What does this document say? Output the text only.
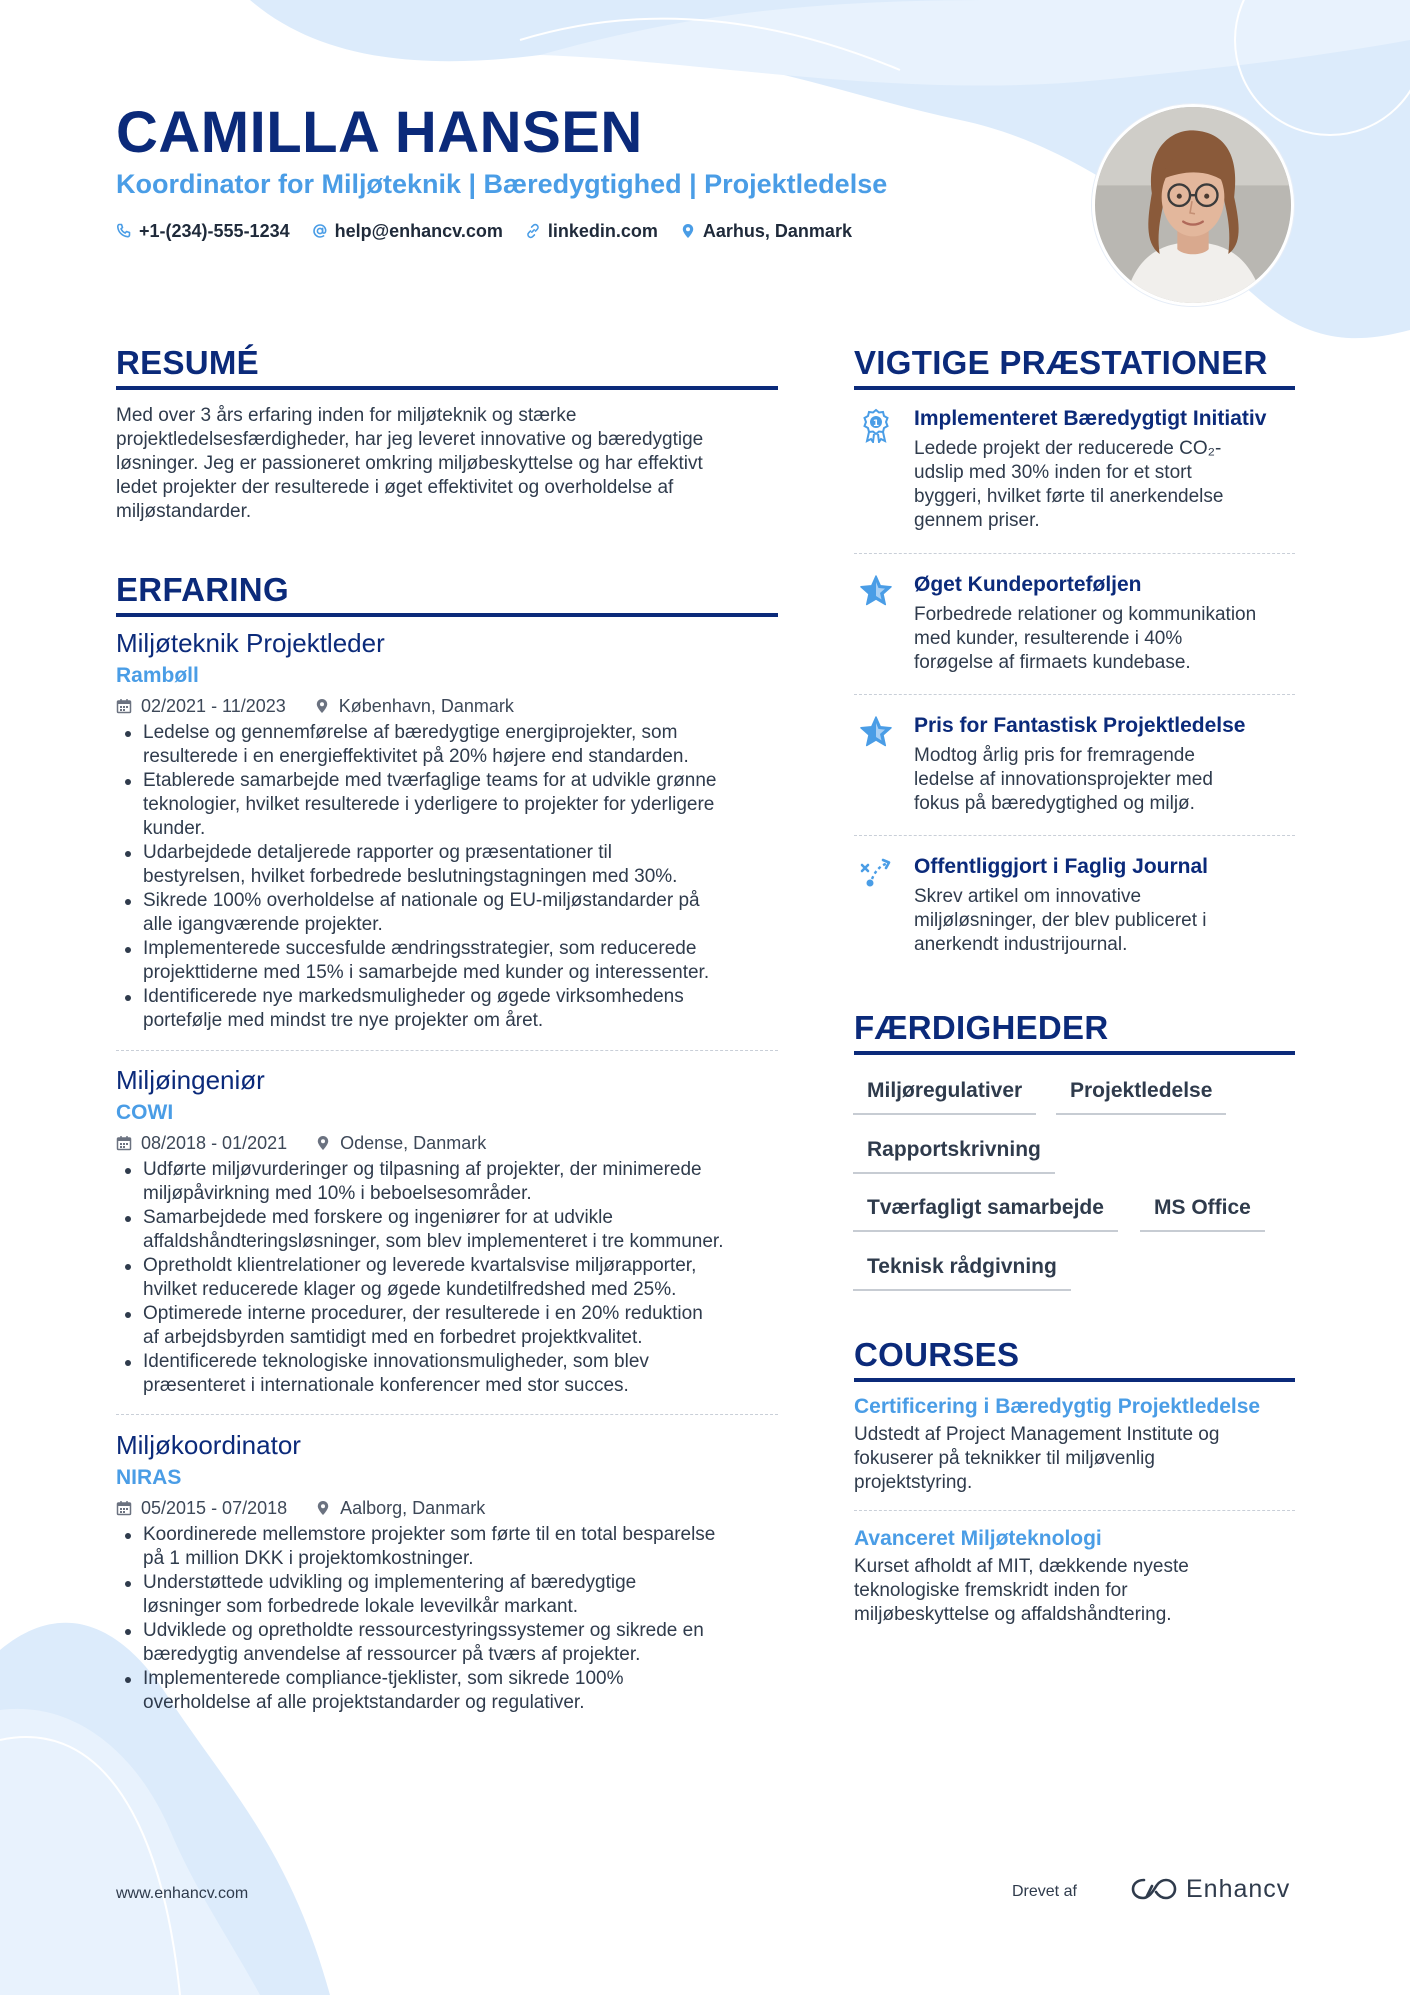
CAMILLA HANSEN
Koordinator for Miljøteknik | Bæredygtighed | Projektledelse
+1-(234)-555-1234	help@enhancv.com	linkedin.com	Aarhus, Danmark
RESUMÉ
Med over 3 års erfaring inden for miljøteknik og stærke
projektledelsesfærdigheder, har jeg leveret innovative og bæredygtige
løsninger. Jeg er passioneret omkring miljøbeskyttelse og har effektivt
ledet projekter der resulterede i øget effektivitet og overholdelse af
miljøstandarder.
ERFARING
Miljøteknik Projektleder
Rambøll
02/2021 - 11/2023	København, Danmark
Ledelse og gennemførelse af bæredygtige energiprojekter, som
resulterede i en energieffektivitet på 20% højere end standarden.
Etablerede samarbejde med tværfaglige teams for at udvikle grønne
teknologier, hvilket resulterede i yderligere to projekter for yderligere
kunder.
Udarbejdede detaljerede rapporter og præsentationer til
bestyrelsen, hvilket forbedrede beslutningstagningen med 30%.
Sikrede 100% overholdelse af nationale og EU-miljøstandarder på
alle igangværende projekter.
Implementerede succesfulde ændringsstrategier, som reducerede
projekttiderne med 15% i samarbejde med kunder og interessenter.
Identificerede nye markedsmuligheder og øgede virksomhedens
portefølje med mindst tre nye projekter om året.
Miljøingeniør
COWI
08/2018 - 01/2021	Odense, Danmark
Udførte miljøvurderinger og tilpasning af projekter, der minimerede
miljøpåvirkning med 10% i beboelsesområder.
Samarbejdede med forskere og ingeniører for at udvikle
affaldshåndteringsløsninger, som blev implementeret i tre kommuner.
Opretholdt klientrelationer og leverede kvartalsvise miljørapporter,
hvilket reducerede klager og øgede kundetilfredshed med 25%.
Optimerede interne procedurer, der resulterede i en 20% reduktion
af arbejdsbyrden samtidigt med en forbedret projektkvalitet.
Identificerede teknologiske innovationsmuligheder, som blev
præsenteret i internationale konferencer med stor succes.
Miljøkoordinator
NIRAS
05/2015 - 07/2018	Aalborg, Danmark
Koordinerede mellemstore projekter som førte til en total besparelse
på 1 million DKK i projektomkostninger.
Understøttede udvikling og implementering af bæredygtige
løsninger som forbedrede lokale levevilkår markant.
Udviklede og opretholdte ressourcestyringssystemer og sikrede en
bæredygtig anvendelse af ressourcer på tværs af projekter.
Implementerede compliance-tjeklister, som sikrede 100%
overholdelse af alle projektstandarder og regulativer.
VIGTIGE PRÆSTATIONER
1 Implementeret Bæredygtigt Initiativ
Ledede projekt der reducerede CO₂-
udslip med 30% inden for et stort
byggeri, hvilket førte til anerkendelse
gennem priser.
Øget Kundeporteføljen
Forbedrede relationer og kommunikation
med kunder, resulterende i 40%
forøgelse af firmaets kundebase.
Pris for Fantastisk Projektledelse
Modtog årlig pris for fremragende
ledelse af innovationsprojekter med
fokus på bæredygtighed og miljø.
Offentliggjort i Faglig Journal
Skrev artikel om innovative
miljøløsninger, der blev publiceret i
anerkendt industrijournal.
FÆRDIGHEDER
Miljøregulativer	Projektledelse
Rapportskrivning
Tværfagligt samarbejde	MS Office
Teknisk rådgivning
COURSES
Certificering i Bæredygtig Projektledelse
Udstedt af Project Management Institute og
fokuserer på teknikker til miljøvenlig
projektstyring.
Avanceret Miljøteknologi
Kurset afholdt af MIT, dækkende nyeste
teknologiske fremskridt inden for
miljøbeskyttelse og affaldshåndtering.
www.enhancv.com	Drevet af	Enhancv
